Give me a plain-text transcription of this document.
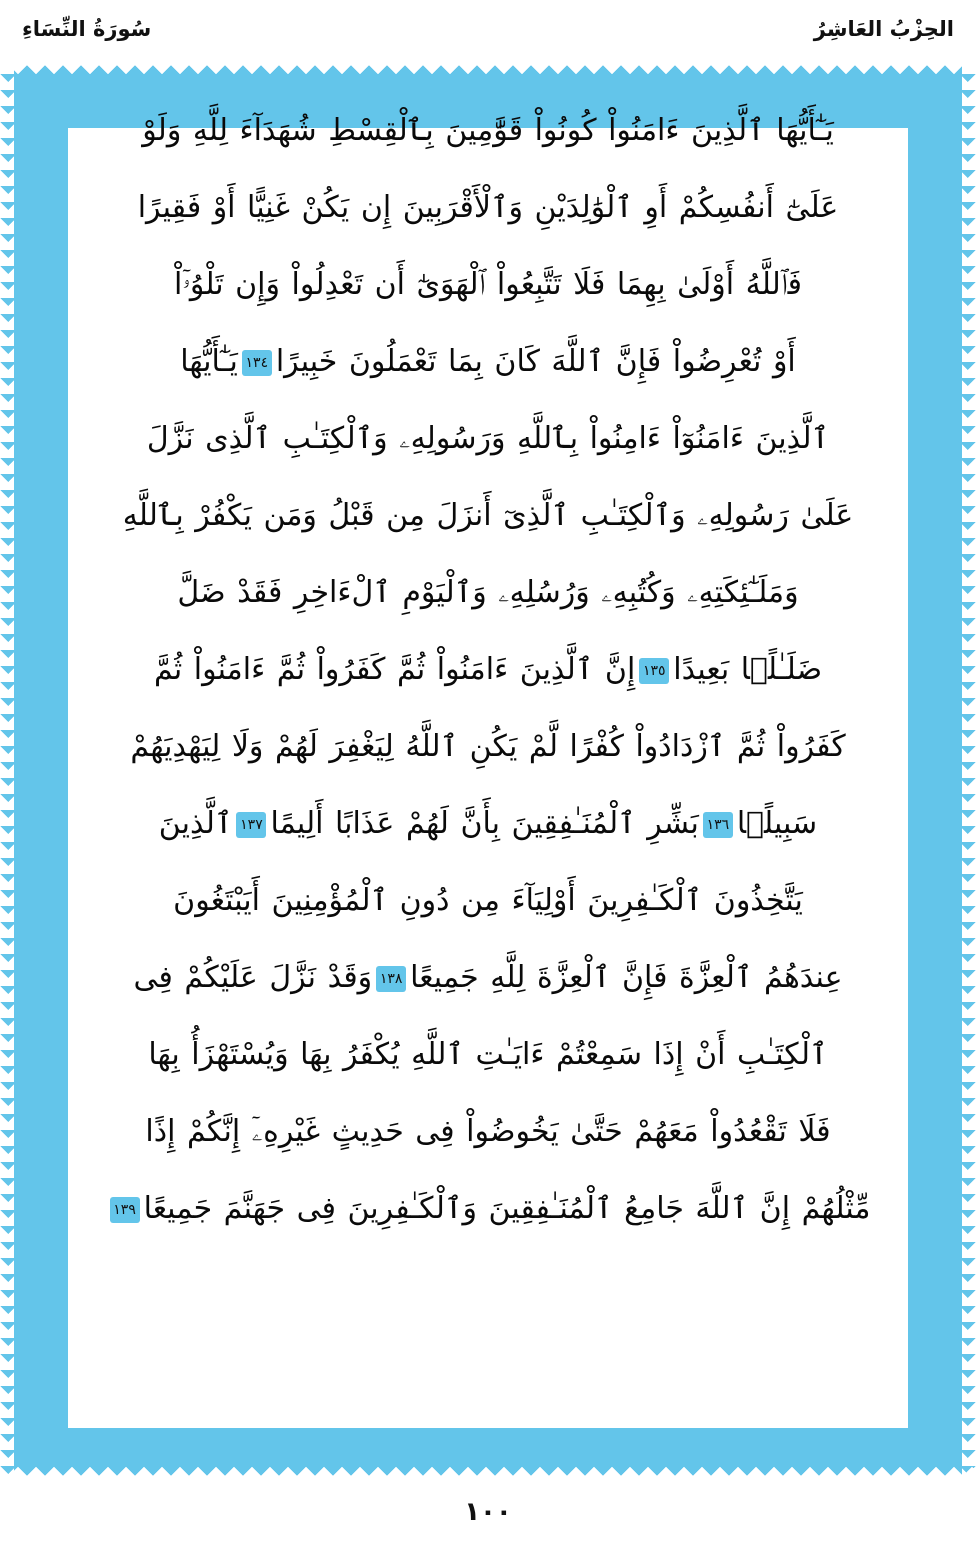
الحِزْبُ العَاشِرُ
سُورَةُ النِّسَاءِ
يَـٰٓأَيُّهَا ٱلَّذِينَ ءَامَنُواْ كُونُواْ قَوَّٰمِينَ بِٱلْقِسْطِ شُهَدَآءَ لِلَّهِ وَلَوْ
عَلَىٰٓ أَنفُسِكُمْ أَوِ ٱلْوَٰلِدَيْنِ وَٱلْأَقْرَبِينَ إِن يَكُنْ غَنِيًّا أَوْ فَقِيرًا
فَٱللَّهُ أَوْلَىٰ بِهِمَا فَلَا تَتَّبِعُواْ ٱلْهَوَىٰٓ أَن تَعْدِلُواْ وَإِن تَلْوُۥٓاْ
أَوْ تُعْرِضُواْ فَإِنَّ ٱللَّهَ كَانَ بِمَا تَعْمَلُونَ خَبِيرًا١٣٤يَـٰٓأَيُّهَا
ٱلَّذِينَ ءَامَنُوٓاْ ءَامِنُواْ بِٱللَّهِ وَرَسُولِهِۦ وَٱلْكِتَـٰبِ ٱلَّذِى نَزَّلَ
عَلَىٰ رَسُولِهِۦ وَٱلْكِتَـٰبِ ٱلَّذِىٓ أَنزَلَ مِن قَبْلُ وَمَن يَكْفُرْ بِٱللَّهِ
وَمَلَـٰٓئِكَتِهِۦ وَكُتُبِهِۦ وَرُسُلِهِۦ وَٱلْيَوْمِ ٱلْءَاخِرِ فَقَدْ ضَلَّ
ضَلَـٰلًۢا بَعِيدًا١٣٥إِنَّ ٱلَّذِينَ ءَامَنُواْ ثُمَّ كَفَرُواْ ثُمَّ ءَامَنُواْ ثُمَّ
كَفَرُواْ ثُمَّ ٱزْدَادُواْ كُفْرًا لَّمْ يَكُنِ ٱللَّهُ لِيَغْفِرَ لَهُمْ وَلَا لِيَهْدِيَهُمْ
سَبِيلًۢا١٣٦بَشِّرِ ٱلْمُنَـٰفِقِينَ بِأَنَّ لَهُمْ عَذَابًا أَلِيمًا١٣٧ٱلَّذِينَ
يَتَّخِذُونَ ٱلْكَـٰفِرِينَ أَوْلِيَآءَ مِن دُونِ ٱلْمُؤْمِنِينَ أَيَبْتَغُونَ
عِندَهُمُ ٱلْعِزَّةَ فَإِنَّ ٱلْعِزَّةَ لِلَّهِ جَمِيعًا١٣٨وَقَدْ نَزَّلَ عَلَيْكُمْ فِى
ٱلْكِتَـٰبِ أَنْ إِذَا سَمِعْتُمْ ءَايَـٰتِ ٱللَّهِ يُكْفَرُ بِهَا وَيُسْتَهْزَأُ بِهَا
فَلَا تَقْعُدُواْ مَعَهُمْ حَتَّىٰ يَخُوضُواْ فِى حَدِيثٍ غَيْرِهِۦٓ إِنَّكُمْ إِذًا
مِّثْلُهُمْ إِنَّ ٱللَّهَ جَامِعُ ٱلْمُنَـٰفِقِينَ وَٱلْكَـٰفِرِينَ فِى جَهَنَّمَ جَمِيعًا١٣٩
١٠٠
